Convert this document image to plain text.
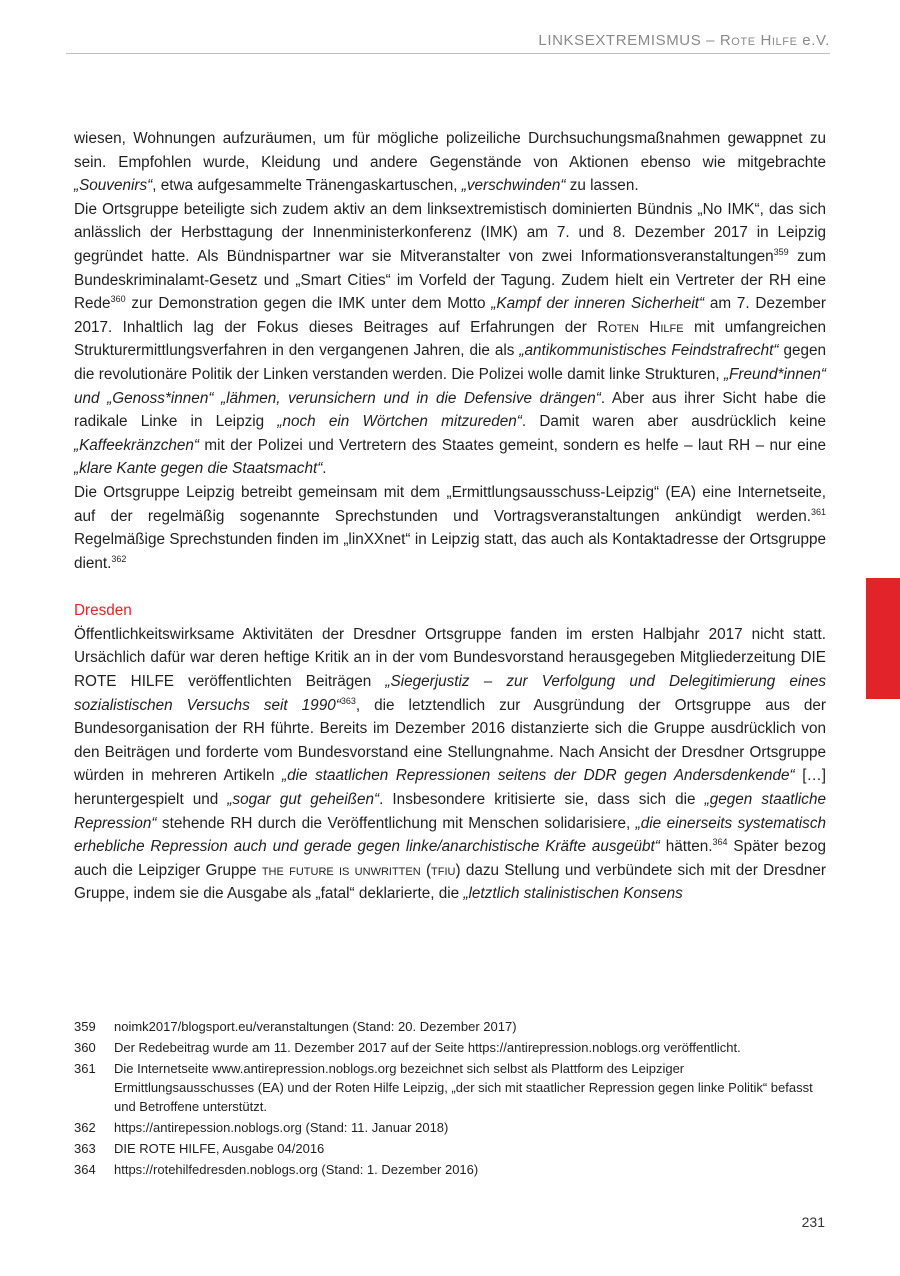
LINKSEXTREMISMUS – Rote Hilfe e.V.

wiesen, Wohnungen aufzuräumen, um für mögliche polizeiliche Durchsuchungsmaßnahmen gewappnet zu sein. Empfohlen wurde, Kleidung und andere Gegenstände von Aktionen ebenso wie mitgebrachte „Souvenirs“, etwa aufgesammelte Tränengaskartuschen, „verschwinden“ zu lassen.

Die Ortsgruppe beteiligte sich zudem aktiv an dem linksextremistisch dominierten Bündnis „No IMK“, das sich anlässlich der Herbsttagung der Innenministerkonferenz (IMK) am 7. und 8. Dezember 2017 in Leipzig gegründet hatte. Als Bündnispartner war sie Mitveranstalter von zwei Informationsveranstaltungen$^{359}$ zum Bundeskriminalamt-Gesetz und „Smart Cities“ im Vorfeld der Tagung. Zudem hielt ein Vertreter der RH eine Rede$^{360}$ zur Demonstration gegen die IMK unter dem Motto „Kampf der inneren Sicherheit“ am 7. Dezember 2017. Inhaltlich lag der Fokus dieses Beitrages auf Erfahrungen der Roten Hilfe mit umfangreichen Strukturermittlungsverfahren in den vergangenen Jahren, die als „antikommunistisches Feindstrafrecht“ gegen die revolutionäre Politik der Linken verstanden werden. Die Polizei wolle damit linke Strukturen, „Freund*innen“ und „Genoss*innen“ „lähmen, verunsichern und in die Defensive drängen“. Aber aus ihrer Sicht habe die radikale Linke in Leipzig „noch ein Wörtchen mitzureden“. Damit waren aber ausdrücklich keine „Kaffeekränzchen“ mit der Polizei und Vertretern des Staates gemeint, sondern es helfe – laut RH – nur eine „klare Kante gegen die Staatsmacht“.

Die Ortsgruppe Leipzig betreibt gemeinsam mit dem „Ermittlungsausschuss-Leipzig“ (EA) eine Internetseite, auf der regelmäßig sogenannte Sprechstunden und Vortragsveranstaltungen ankündigt werden.$^{361}$ Regelmäßige Sprechstunden finden im „linXXnet“ in Leipzig statt, das auch als Kontaktadresse der Ortsgruppe dient.$^{362}$

Dresden

Öffentlichkeitswirksame Aktivitäten der Dresdner Ortsgruppe fanden im ersten Halbjahr 2017 nicht statt. Ursächlich dafür war deren heftige Kritik an in der vom Bundesvorstand herausgegeben Mitgliederzeitung DIE ROTE HILFE veröffentlichten Beiträgen „Siegerjustiz – zur Verfolgung und Delegitimierung eines sozialistischen Versuchs seit 1990“$^{363}$, die letztendlich zur Ausgründung der Ortsgruppe aus der Bundesorganisation der RH führte. Bereits im Dezember 2016 distanzierte sich die Gruppe ausdrücklich von den Beiträgen und forderte vom Bundesvorstand eine Stellungnahme. Nach Ansicht der Dresdner Ortsgruppe würden in mehreren Artikeln „die staatlichen Repressionen seitens der DDR gegen Andersdenkende“ […] heruntergespielt und „sogar gut geheißen“. Insbesondere kritisierte sie, dass sich die „gegen staatliche Repression“ stehende RH durch die Veröffentlichung mit Menschen solidarisiere, „die einerseits systematisch erhebliche Repression auch und gerade gegen linke/anarchistische Kräfte ausgeübt“ hätten.$^{364}$ Später bezog auch die Leipziger Gruppe the future is unwritten (tfiu) dazu Stellung und verbündete sich mit der Dresdner Gruppe, indem sie die Ausgabe als „fatal“ deklarierte, die „letztlich stalinistischen Konsens

359	noimk2017/blogsport.eu/veranstaltungen (Stand: 20. Dezember 2017)
360	Der Redebeitrag wurde am 11. Dezember 2017 auf der Seite https://antirepression.noblogs.org veröffentlicht.
361	Die Internetseite www.antirepression.noblogs.org bezeichnet sich selbst als Plattform des Leipziger Ermittlungsausschusses (EA) und der Roten Hilfe Leipzig, „der sich mit staatlicher Repression gegen linke Politik“ befasst und Betroffene unterstützt.
362	https://antirepession.noblogs.org (Stand: 11. Januar 2018)
363	DIE ROTE HILFE, Ausgabe 04/2016
364	https://rotehilfedresden.noblogs.org (Stand: 1. Dezember 2016)
231
